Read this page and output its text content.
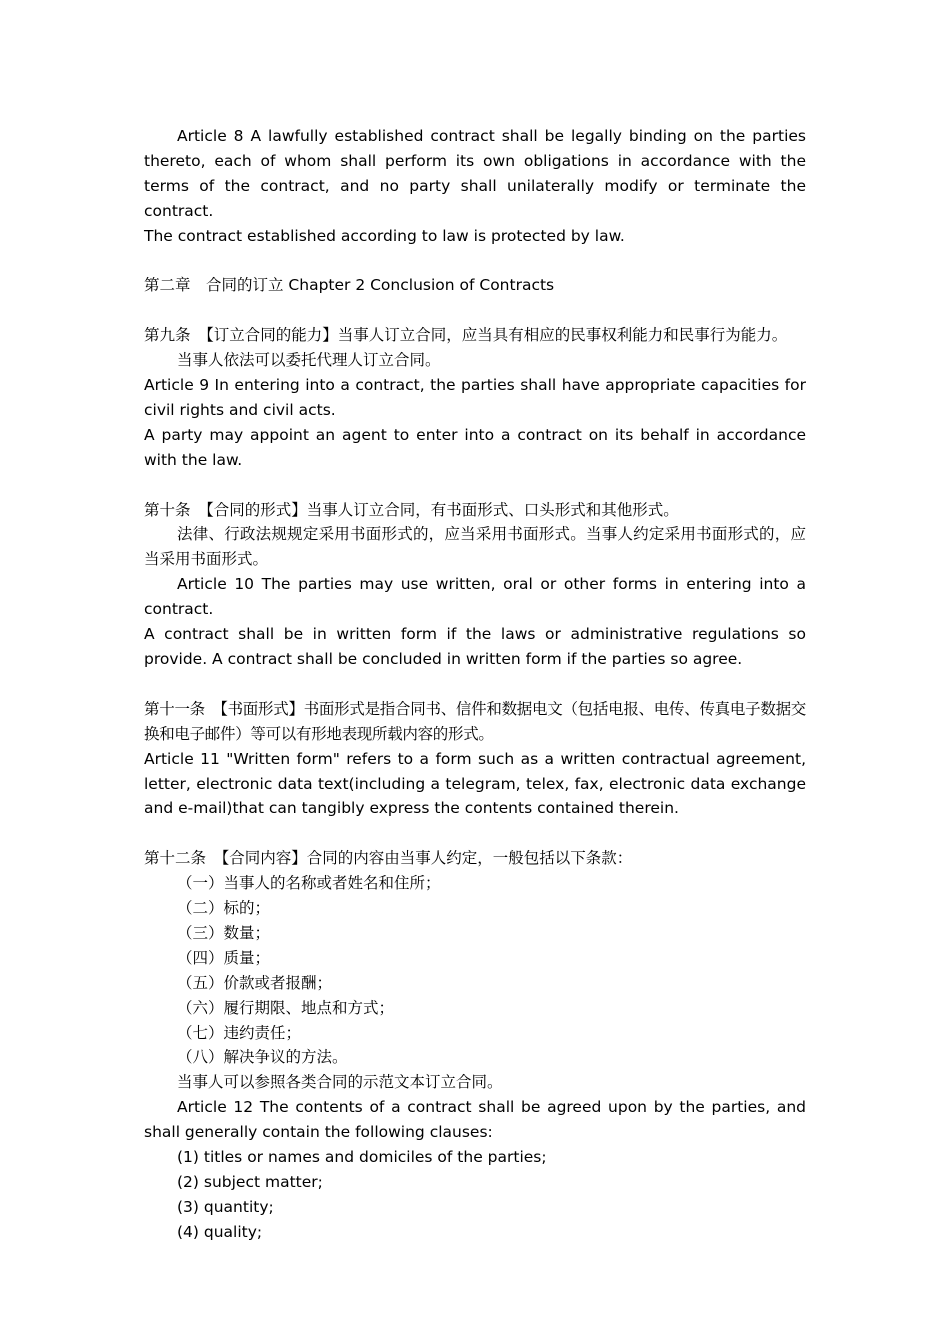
Article 8 A lawfully established contract shall be legally binding on the parties thereto, each of whom shall perform its own obligations in accordance with the terms of the contract, and no party shall unilaterally modify or terminate the contract.

The contract established according to law is protected by law.

第二章　合同的订立 Chapter 2 Conclusion of Contracts

第九条　【订立合同的能力】当事人订立合同，应当具有相应的民事权利能力和民事行为能力。

当事人依法可以委托代理人订立合同。

Article 9 In entering into a contract, the parties shall have appropriate capacities for civil rights and civil acts.

A party may appoint an agent to enter into a contract on its behalf in accordance with the law.

第十条　【合同的形式】当事人订立合同，有书面形式、口头形式和其他形式。

法律、行政法规规定采用书面形式的，应当采用书面形式。当事人约定采用书面形式的，应当采用书面形式。

Article 10 The parties may use written, oral or other forms in entering into a contract.

A contract shall be in written form if the laws or administrative regulations so provide. A contract shall be concluded in written form if the parties so agree.

第十一条　【书面形式】书面形式是指合同书、信件和数据电文（包括电报、电传、传真电子数据交换和电子邮件）等可以有形地表现所载内容的形式。

Article 11 "Written form" refers to a form such as a written contractual agreement, letter, electronic data text(including a telegram, telex, fax, electronic data exchange and e-mail)that can tangibly express the contents contained therein.

第十二条　【合同内容】合同的内容由当事人约定，一般包括以下条款：

（一）当事人的名称或者姓名和住所；

（二）标的；

（三）数量；

（四）质量；

（五）价款或者报酬；

（六）履行期限、地点和方式；

（七）违约责任；

（八）解决争议的方法。

当事人可以参照各类合同的示范文本订立合同。

Article 12 The contents of a contract shall be agreed upon by the parties, and shall generally contain the following clauses:

(1) titles or names and domiciles of the parties;

(2) subject matter;

(3) quantity;

(4) quality;
